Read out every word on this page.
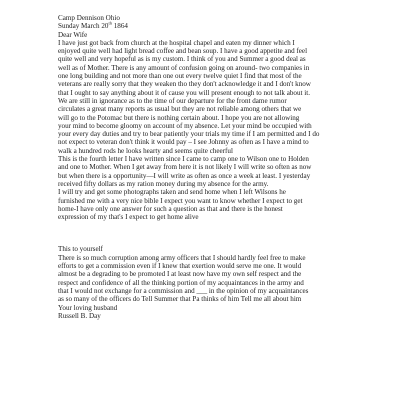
Camp Dennison Ohio
Sunday March 20th 1864
Dear Wife
I have just got back from church at the hospital chapel and eaten my dinner which I
enjoyed quite well had light bread coffee and bean soup. I have a good appetite and feel
quite well and very hopeful as is my custom. I think of you and Summer a good deal as
well as of Mother. There is any amount of confusion going on around- two companies in
one long building and not more than one out every twelve quiet I find that most of the
veterans are really sorry that they weaken tho they don't acknowledge it and I don't know
that I ought to say anything about it of cause you will present enough to not talk about it.
We are still in ignorance as to the time of our departure for the front dame rumor
circulates a great many reports as usual but they are not reliable among others that we
will go to the Potomac but there is nothing certain about. I hope you are not allowing
your mind to become gloomy on account of my absence. Let your mind be occupied with
your every day duties and try to bear patiently your trials my time if I am permitted and I do
not expect to veteran don't think it would pay – I see Johnny as often as I have a mind to
walk a hundred rods he looks hearty and seems quite cheerful
This is the fourth letter I have written since I came to camp one to Wilson one to Holden
and one to Mother. When I get away from here it is not likely I will write so often as now
but when there is a opportunity—I will write as often as once a week at least. I yesterday
received fifty dollars as my ration money during my absence for the army.
I will try and get some photographs taken and send home when I left Wilsons he
furnished me with a very nice bible I expect you want to know whether I expect to get
home-I have only one answer for such a question as that and there is the honest
expression of my that's I expect to get home alive
This to yourself
There is so much corruption among army officers that I should hardly feel free to make
efforts to get a commission even if I knew that exertion would serve me one. It would
almost be a degrading to be promoted I at least now have my own self respect and the
respect and confidence of all the thinking portion of my acquaintances in the army and
that I would not exchange for a commission and ___ in the opinion of my acquaintances
as so many of the officers do Tell Summer that Pa thinks of him Tell me all about him
Your loving husband
Russell B. Day
